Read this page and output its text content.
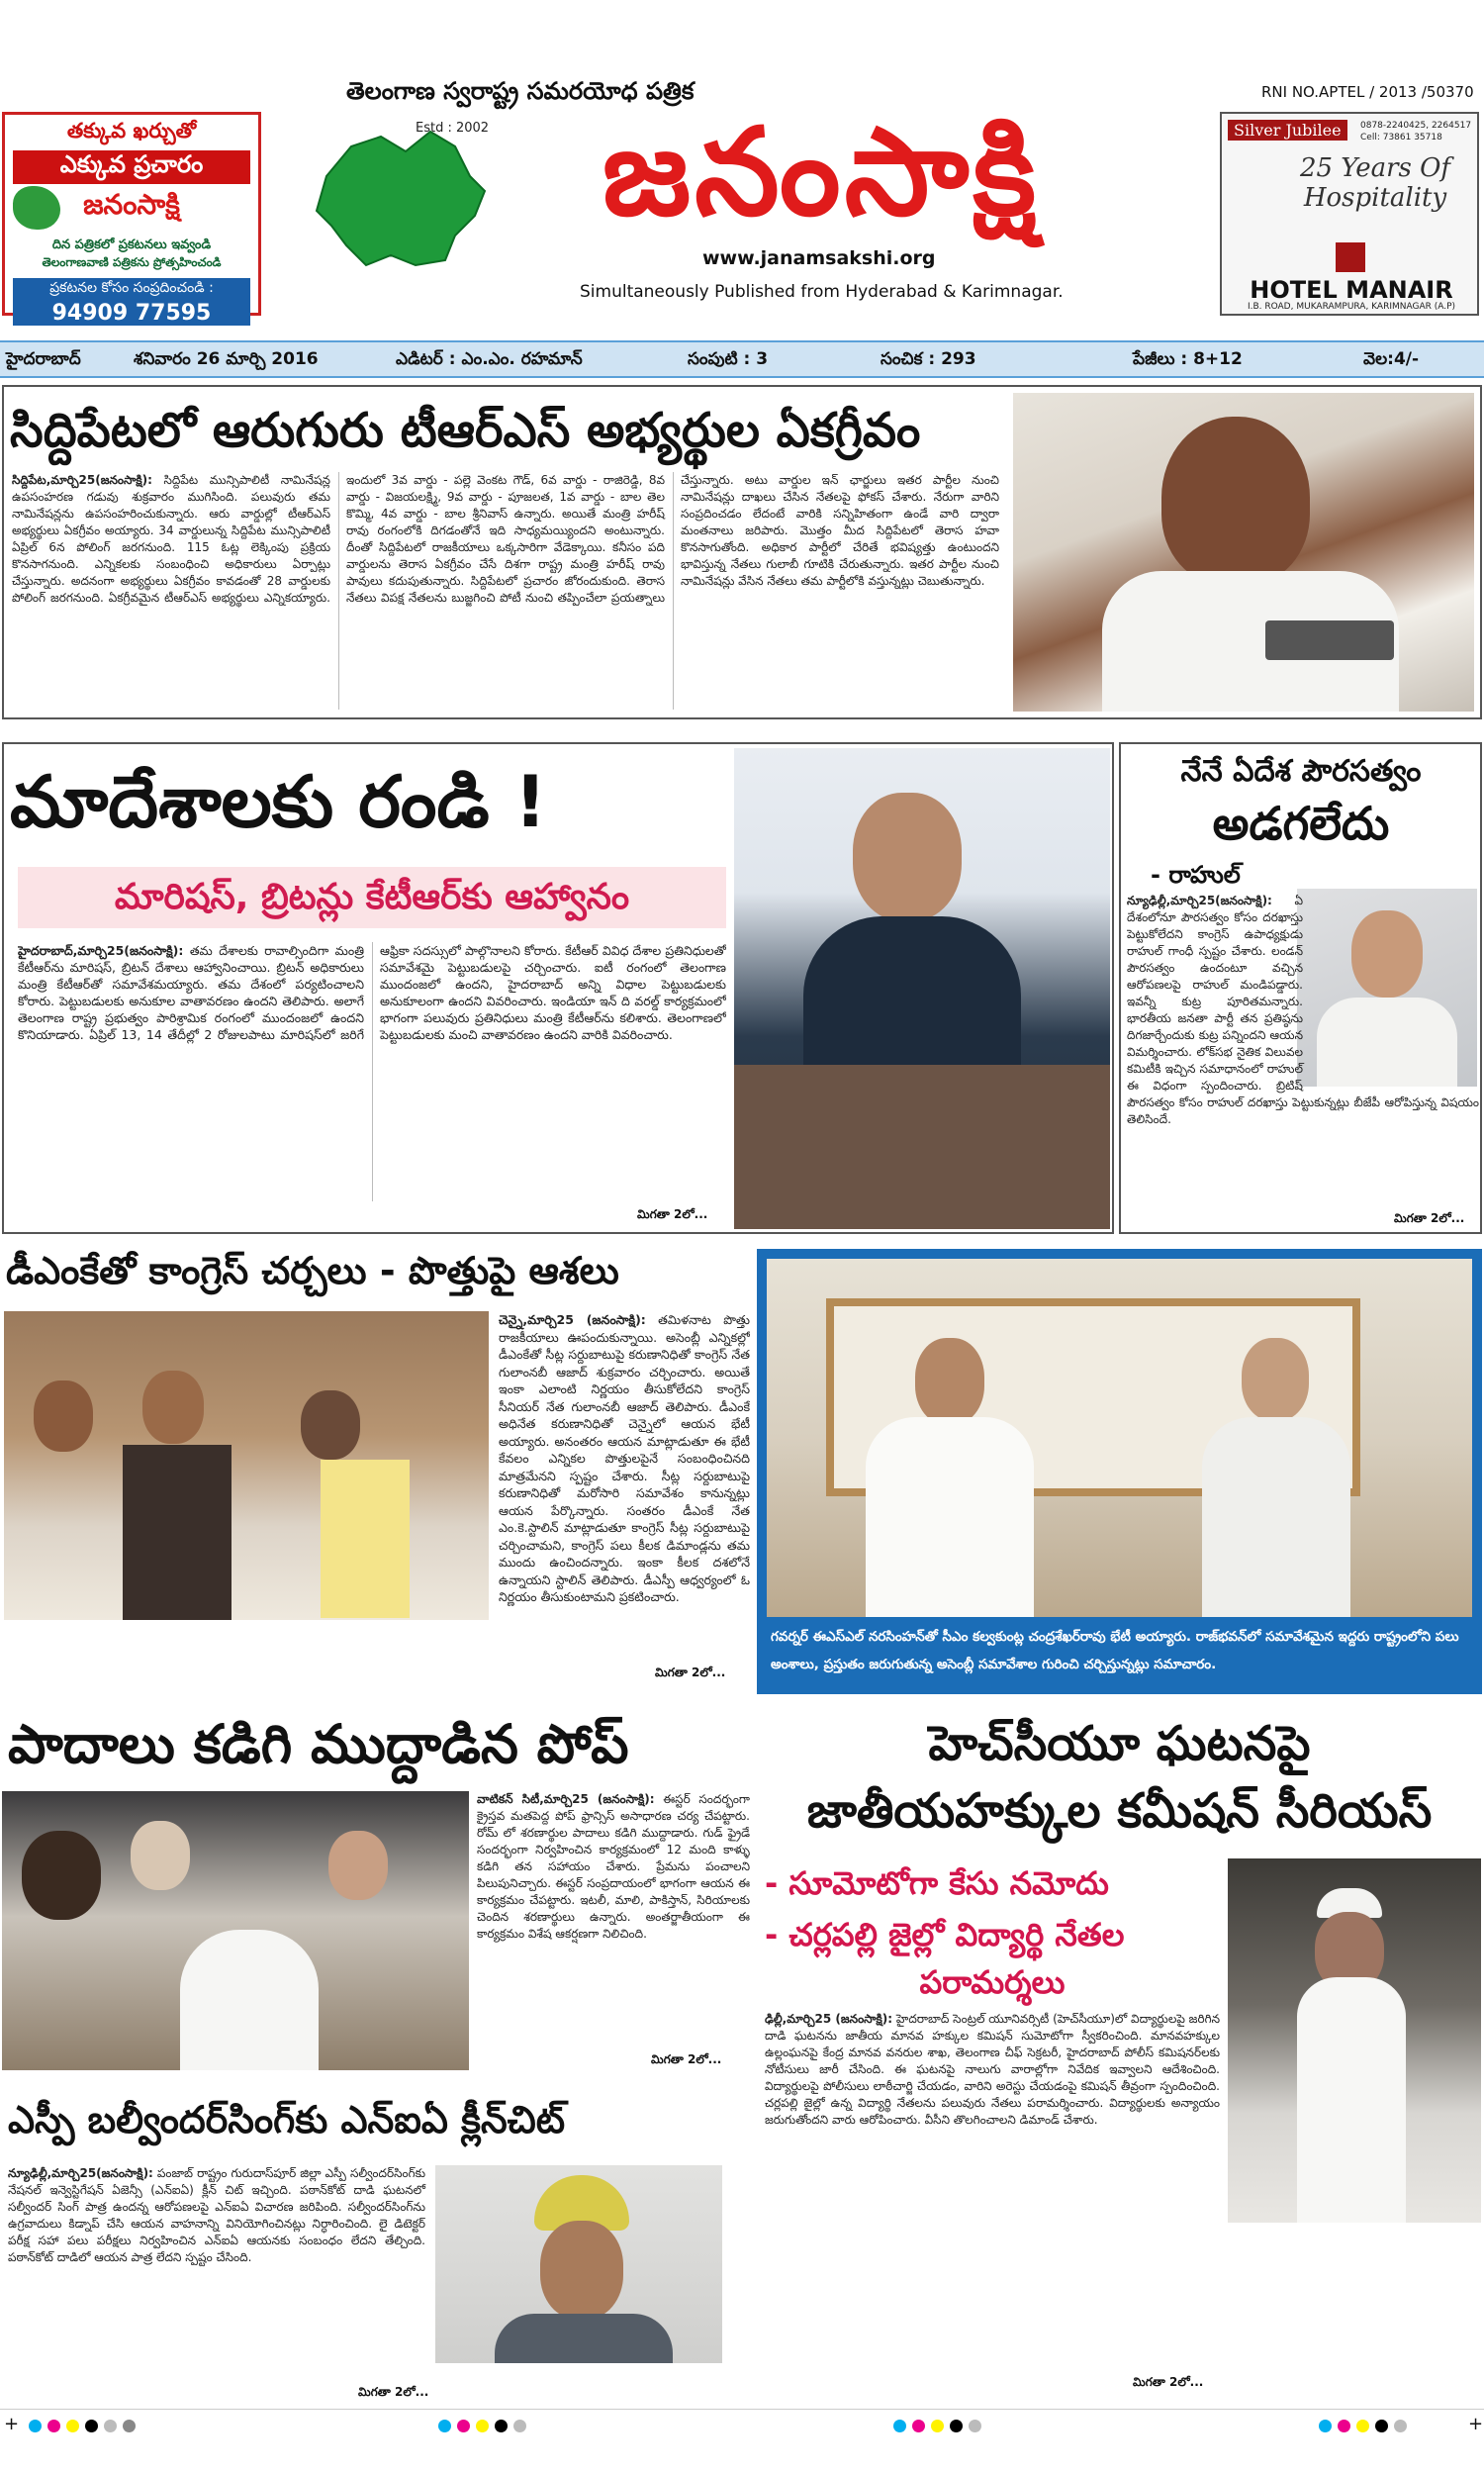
తక్కువ ఖర్చుతో
ఎక్కువ ప్రచారం
జనంసాక్షి
దిన పత్రికలో ప్రకటనలు ఇవ్వండి
తెలంగాణవాణి పత్రికను ప్రోత్సహించండి
ప్రకటనల కోసం సంప్రదించండి :
94909 77595
తెలంగాణ స్వరాష్ట్ర సమరయోధ పత్రిక
Estd : 2002 జనంసాక్షి
www.janamsakshi.org
Simultaneously Published from Hyderabad & Karimnagar.
RNI NO.APTEL / 2013 /50370
Silver Jubilee	0878-2240425, 2264517 Cell: 73861 35718
25 Years Of Hospitality
HOTEL MANAIR
I.B. ROAD, MUKARAMPURA, KARIMNAGAR (A.P)
హైదరాబాద్	శనివారం 26 మార్చి 2016	ఎడిటర్ : ఎం.ఎం. రహమాన్	సంపుటి : 3	సంచిక : 293	పేజీలు : 8+12	వెల:4/-
సిద్దిపేటలో ఆరుగురు టీఆర్ఎస్ అభ్యర్థుల ఏకగ్రీవం
సిద్దిపేట,మార్చి25(జనంసాక్షి): సిద్దిపేట మున్సిపాలిటీ నామినేషన్ల ఉపసంహరణ గడువు శుక్రవారం ముగిసింది. పలువురు తమ నామినేషన్లను ఉపసంహరించుకున్నారు. ఆరు వార్డుల్లో టీఆర్ఎస్ అభ్యర్థులు ఏకగ్రీవం అయ్యారు. 34 వార్డులున్న సిద్దిపేట మున్సిపాలిటీ ఏప్రిల్ 6న పోలింగ్ జరగనుంది. 115 ఓట్ల లెక్కింపు ప్రక్రియ కొనసాగనుంది. ఎన్నికలకు సంబంధించి అధికారులు ఏర్పాట్లు చేస్తున్నారు. అదనంగా అభ్యర్థులు ఏకగ్రీవం కావడంతో 28 వార్డులకు పోలింగ్ జరగనుంది. ఏకగ్రీవమైన టీఆర్ఎస్ అభ్యర్థులు ఎన్నికయ్యారు. ఇందులో 3వ వార్డు - పల్లె వెంకట గౌడ్, 6వ వార్డు - రాజిరెడ్డి, 8వ వార్డు - విజయలక్ష్మి, 9వ వార్డు - పూజలత, 1వ వార్డు - బాల తెల కొమ్మి, 4వ వార్డు - బాల శ్రీనివాస్ ఉన్నారు. అయితే మంత్రి హరీష్ రావు రంగంలోకి దిగడంతోనే ఇది సాధ్యమయ్యిందని అంటున్నారు. దీంతో సిద్దిపేటలో రాజకీయాలు ఒక్కసారిగా వేడెక్కాయి. కనీసం పది వార్డులను తెరాస ఏకగ్రీవం చేసే దిశగా రాష్ట్ర మంత్రి హరీష్ రావు పావులు కదుపుతున్నారు. సిద్దిపేటలో ప్రచారం జోరందుకుంది. తెరాస నేతలు విపక్ష నేతలను బుజ్జగించి పోటీ నుంచి తప్పించేలా ప్రయత్నాలు చేస్తున్నారు. అటు వార్డుల ఇన్ ఛార్జులు ఇతర పార్టీల నుంచి నామినేషన్లు దాఖలు చేసిన నేతలపై ఫోకస్ చేశారు. నేరుగా వారిని సంప్రదించడం లేదంటే వారికి సన్నిహితంగా ఉండే వారి ద్వారా మంతనాలు జరిపారు. మొత్తం మీద సిద్దిపేటలో తెరాస హవా కొనసాగుతోంది. అధికార పార్టీలో చేరితే భవిష్యత్తు ఉంటుందని భావిస్తున్న నేతలు గులాబీ గూటికి చేరుతున్నారు. ఇతర పార్టీల నుంచి నామినేషన్లు వేసిన నేతలు తమ పార్టీలోకి వస్తున్నట్లు చెబుతున్నారు.
మాదేశాలకు రండి !
మారిషస్, బ్రిటన్లు కేటీఆర్‌కు ఆహ్వానం
హైదరాబాద్,మార్చి25(జనంసాక్షి): తమ దేశాలకు రావాల్సిందిగా మంత్రి కేటీఆర్‌ను మారిషస్, బ్రిటన్ దేశాలు ఆహ్వానించాయి. బ్రిటన్ అధికారులు మంత్రి కేటీఆర్‌తో సమావేశమయ్యారు. తమ దేశంలో పర్యటించాలని కోరారు. పెట్టుబడులకు అనుకూల వాతావరణం ఉందని తెలిపారు. అలాగే తెలంగాణ రాష్ట్ర ప్రభుత్వం పారిశ్రామిక రంగంలో ముందంజలో ఉందని కొనియాడారు. ఏప్రిల్ 13, 14 తేదీల్లో 2 రోజులపాటు మారిషస్‌లో జరిగే ఆఫ్రికా సదస్సులో పాల్గొనాలని కోరారు. కేటీఆర్ వివిధ దేశాల ప్రతినిధులతో సమావేశమై పెట్టుబడులపై చర్చించారు. ఐటీ రంగంలో తెలంగాణ ముందంజలో ఉందని, హైదరాబాద్ అన్ని విధాల పెట్టుబడులకు అనుకూలంగా ఉందని వివరించారు. ఇండియా ఇన్ ది వరల్డ్ కార్యక్రమంలో భాగంగా పలువురు ప్రతినిధులు మంత్రి కేటీఆర్‌ను కలిశారు. తెలంగాణలో పెట్టుబడులకు మంచి వాతావరణం ఉందని వారికి వివరించారు.
మిగతా 2లో...
నేనే ఏదేశ పౌరసత్వం
అడగలేదు
- రాహుల్
న్యూఢిల్లీ,మార్చి25(జనంసాక్షి): ఏ దేశంలోనూ పౌరసత్వం కోసం దరఖాస్తు పెట్టుకోలేదని కాంగ్రెస్ ఉపాధ్యక్షుడు రాహుల్ గాంధీ స్పష్టం చేశారు. లండన్ పౌరసత్వం ఉందంటూ వచ్చిన ఆరోపణలపై రాహుల్ మండిపడ్డారు. ఇవన్నీ కుట్ర పూరితమన్నారు. భారతీయ జనతా పార్టీ తన ప్రతిష్ఠను దిగజార్చేందుకు కుట్ర పన్నిందని ఆయన విమర్శించారు. లోక్‌సభ నైతిక విలువల కమిటీకి ఇచ్చిన సమాధానంలో రాహుల్ ఈ విధంగా స్పందించారు. బ్రిటిష్ పౌరసత్వం కోసం రాహుల్ దరఖాస్తు పెట్టుకున్నట్లు బీజేపీ ఆరోపిస్తున్న విషయం తెలిసిందే.
మిగతా 2లో...
డీఎంకేతో కాంగ్రెస్ చర్చలు - పొత్తుపై ఆశలు
చెన్నై,మార్చి25 (జనంసాక్షి): తమిళనాట పొత్తు రాజకీయాలు ఊపందుకున్నాయి. అసెంబ్లీ ఎన్నికల్లో డీఎంకేతో సీట్ల సర్దుబాటుపై కరుణానిధితో కాంగ్రెస్ నేత గులాంనబీ ఆజాద్ శుక్రవారం చర్చించారు. అయితే ఇంకా ఎలాంటి నిర్ణయం తీసుకోలేదని కాంగ్రెస్ సీనియర్ నేత గులాంనబీ ఆజాద్ తెలిపారు. డీఎంకే అధినేత కరుణానిధితో చెన్నైలో ఆయన భేటీ అయ్యారు. అనంతరం ఆయన మాట్లాడుతూ ఈ భేటీ కేవలం ఎన్నికల పొత్తులపైనే సంబంధించినది మాత్రమేనని స్పష్టం చేశారు. సీట్ల సర్దుబాటుపై కరుణానిధితో మరోసారి సమావేశం కానున్నట్లు ఆయన పేర్కొన్నారు. సంతరం డీఎంకే నేత ఎం.కె.స్టాలిన్ మాట్లాడుతూ కాంగ్రెస్ సీట్ల సర్దుబాటుపై చర్చించామని, కాంగ్రెస్ పలు కీలక డిమాండ్లను తమ ముందు ఉంచిందన్నారు. ఇంకా కీలక దశలోనే ఉన్నాయని స్టాలిన్ తెలిపారు. డీఎస్పీ ఆధ్వర్యంలో ఓ నిర్ణయం తీసుకుంటామని ప్రకటించారు.
మిగతా 2లో...
గవర్నర్ ఈఎస్ఎల్ నరసింహన్‌తో సీఎం కల్వకుంట్ల చంద్రశేఖర్‌రావు భేటీ అయ్యారు. రాజ్‌భవన్‌లో సమావేశమైన ఇద్దరు రాష్ట్రంలోని పలు అంశాలు, ప్రస్తుతం జరుగుతున్న అసెంబ్లీ సమావేశాల గురించి చర్చిస్తున్నట్లు సమాచారం.
పాదాలు కడిగి ముద్దాడిన పోప్
వాటికన్ సిటీ,మార్చి25 (జనంసాక్షి): ఈస్టర్ సందర్భంగా క్రైస్తవ మతపెద్ద పోప్ ఫ్రాన్సిస్ అసాధారణ చర్య చేపట్టారు. రోమ్ లో శరణార్థుల పాదాలు కడిగి ముద్దాడారు. గుడ్ ఫ్రైడే సందర్భంగా నిర్వహించిన కార్యక్రమంలో 12 మంది కాళ్ళు కడిగి తన సహాయం చేశారు. ప్రేమను పంచాలని పిలుపునిచ్చారు. ఈస్టర్ సంప్రదాయంలో భాగంగా ఆయన ఈ కార్యక్రమం చేపట్టారు. ఇటలీ, మాలి, పాకిస్తాన్, సిరియాలకు చెందిన శరణార్థులు ఉన్నారు. అంతర్జాతీయంగా ఈ కార్యక్రమం విశేష ఆకర్షణగా నిలిచింది.
మిగతా 2లో...
హెచ్‌సీయూ ఘటనపై
జాతీయహక్కుల కమీషన్ సీరియస్
- సూమోటోగా కేసు నమోదు
- చర్లపల్లి జైల్లో విద్యార్థి నేతల
పరామర్శలు
ఢిల్లీ,మార్చి25 (జనంసాక్షి): హైదరాబాద్ సెంట్రల్ యూనివర్సిటీ (హెచ్‌సీయూ)లో విద్యార్థులపై జరిగిన దాడి ఘటనను జాతీయ మానవ హక్కుల కమిషన్ సుమోటోగా స్వీకరించింది. మానవహక్కుల ఉల్లంఘనపై కేంద్ర మానవ వనరుల శాఖ, తెలంగాణ చీఫ్ సెక్రటరీ, హైదరాబాద్ పోలీస్ కమిషనర్‌లకు నోటీసులు జారీ చేసింది. ఈ ఘటనపై నాలుగు వారాల్లోగా నివేదిక ఇవ్వాలని ఆదేశించింది. విద్యార్థులపై పోలీసులు లాఠీచార్జి చేయడం, వారిని అరెస్టు చేయడంపై కమిషన్ తీవ్రంగా స్పందించింది. చర్లపల్లి జైల్లో ఉన్న విద్యార్థి నేతలను పలువురు నేతలు పరామర్శించారు. విద్యార్థులకు అన్యాయం జరుగుతోందని వారు ఆరోపించారు. వీసీని తొలగించాలని డిమాండ్ చేశారు.
మిగతా 2లో...
ఎస్పీ బల్వీందర్‌సింగ్‌కు ఎన్ఐఏ క్లీన్‌చిట్
న్యూఢిల్లీ,మార్చి25(జనంసాక్షి): పంజాబ్ రాష్ట్రం గురుదాస్‌పూర్ జిల్లా ఎస్పీ సల్వీందర్‌సింగ్‌కు నేషనల్ ఇన్వెస్టిగేషన్ ఏజెన్సీ (ఎన్ఐఏ) క్లీన్ చిట్ ఇచ్చింది. పఠాన్‌కోట్ దాడి ఘటనలో సల్వీందర్ సింగ్ పాత్ర ఉందన్న ఆరోపణలపై ఎన్ఐఏ విచారణ జరిపింది. సల్వీందర్‌సింగ్‌ను ఉగ్రవాదులు కిడ్నాప్ చేసి ఆయన వాహనాన్ని వినియోగించినట్లు నిర్ధారించింది. లై డిటెక్టర్ పరీక్ష సహా పలు పరీక్షలు నిర్వహించిన ఎన్ఐఏ ఆయనకు సంబంధం లేదని తేల్చింది. పఠాన్‌కోట్ దాడిలో ఆయన పాత్ర లేదని స్పష్టం చేసింది.
మిగతా 2లో...
+	+
